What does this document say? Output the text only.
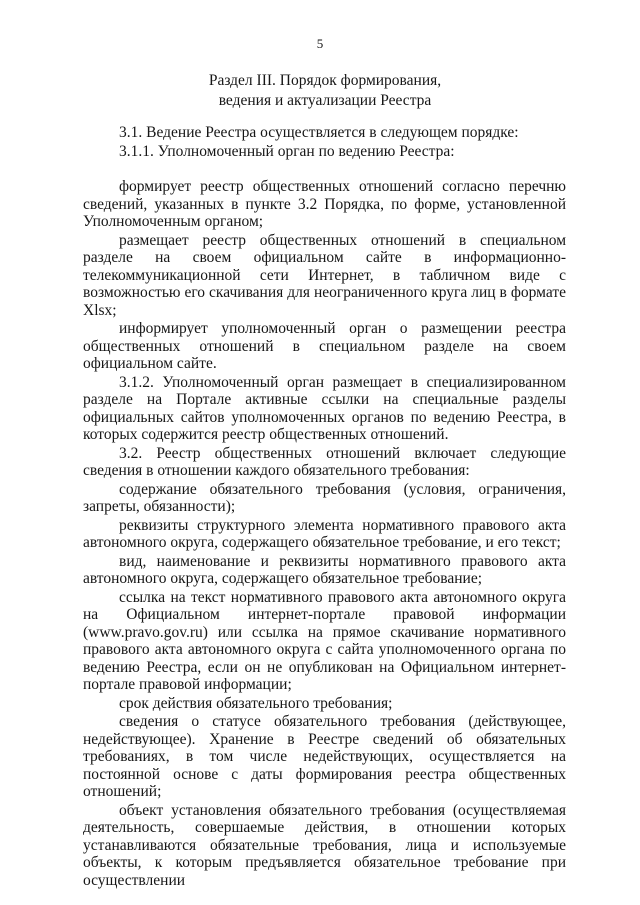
5
Раздел III. Порядок формирования,
ведения и актуализации Реестра

3.1. Ведение Реестра осуществляется в следующем порядке:

3.1.1. Уполномоченный орган по ведению Реестра:

формирует реестр общественных отношений согласно перечню сведений, указанных в пункте 3.2 Порядка, по форме, установленной Уполномоченным органом;

размещает реестр общественных отношений в специальном разделе на своем официальном сайте в информационно-телекоммуникационной сети Интернет, в табличном виде с возможностью его скачивания для неограниченного круга лиц в формате Xlsx;

информирует уполномоченный орган о размещении реестра общественных отношений в специальном разделе на своем официальном сайте.

3.1.2. Уполномоченный орган размещает в специализированном разделе на Портале активные ссылки на специальные разделы официальных сайтов уполномоченных органов по ведению Реестра, в которых содержится реестр общественных отношений.

3.2. Реестр общественных отношений включает следующие сведения в отношении каждого обязательного требования:

содержание обязательного требования (условия, ограничения, запреты, обязанности);

реквизиты структурного элемента нормативного правового акта автономного округа, содержащего обязательное требование, и его текст;

вид, наименование и реквизиты нормативного правового акта автономного округа, содержащего обязательное требование;

ссылка на текст нормативного правового акта автономного округа на Официальном интернет-портале правовой информации (www.pravo.gov.ru) или ссылка на прямое скачивание нормативного правового акта автономного округа с сайта уполномоченного органа по ведению Реестра, если он не опубликован на Официальном интернет-портале правовой информации;

срок действия обязательного требования;

сведения о статусе обязательного требования (действующее, недействующее). Хранение в Реестре сведений об обязательных требованиях, в том числе недействующих, осуществляется на постоянной основе с даты формирования реестра общественных отношений;

объект установления обязательного требования (осуществляемая деятельность, совершаемые действия, в отношении которых устанавливаются обязательные требования, лица и используемые объекты, к которым предъявляется обязательное требование при осуществлении
